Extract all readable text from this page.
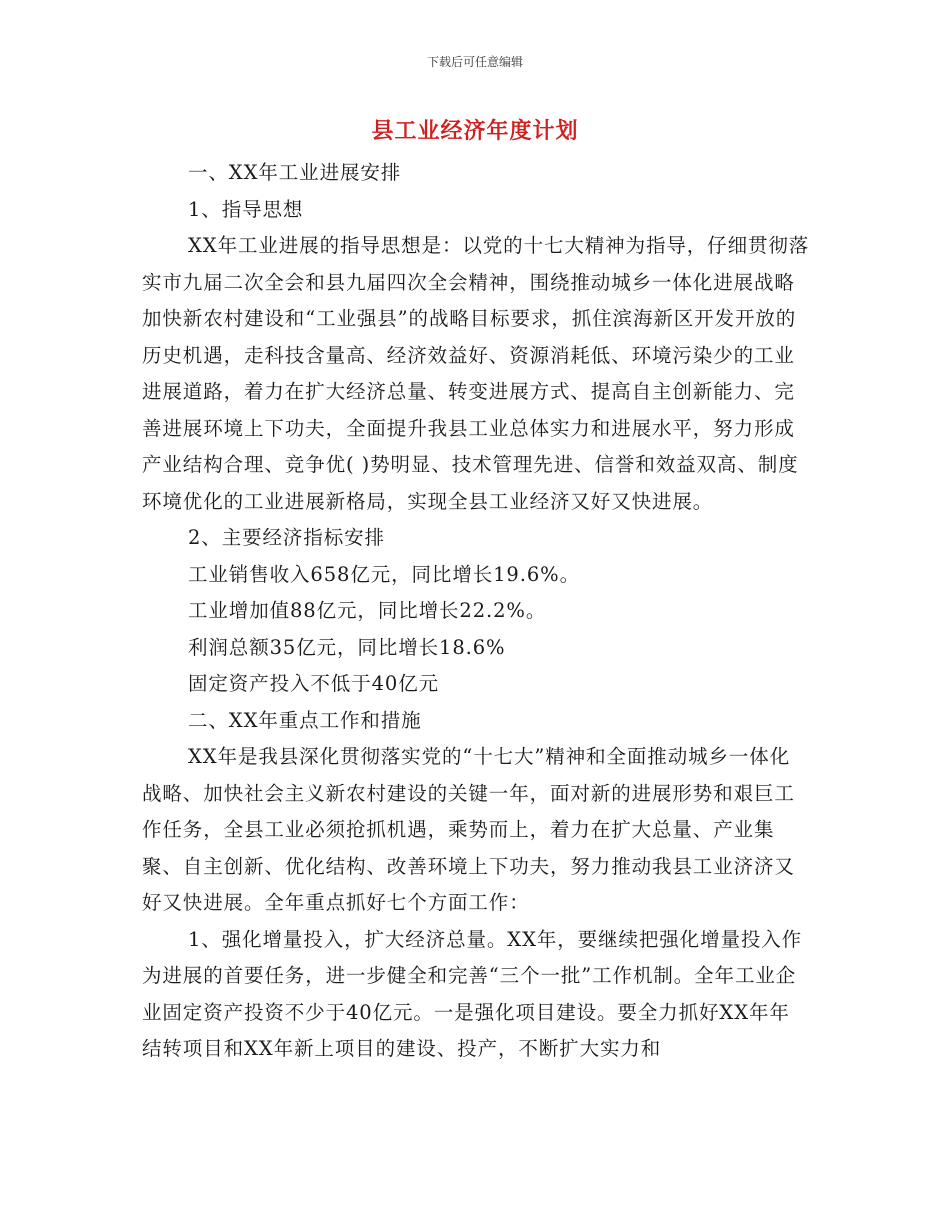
下载后可任意编辑
县工业经济年度计划

一、XX年工业进展安排

1、指导思想

XX年工业进展的指导思想是：以党的十七大精神为指导，仔细贯彻落实市九届二次全会和县九届四次全会精神，围绕推动城乡一体化进展战略加快新农村建设和“工业强县”的战略目标要求，抓住滨海新区开发开放的历史机遇，走科技含量高、经济效益好、资源消耗低、环境污染少的工业进展道路，着力在扩大经济总量、转变进展方式、提高自主创新能力、完善进展环境上下功夫，全面提升我县工业总体实力和进展水平，努力形成产业结构合理、竞争优( )势明显、技术管理先进、信誉和效益双高、制度环境优化的工业进展新格局，实现全县工业经济又好又快进展。

2、主要经济指标安排

工业销售收入658亿元，同比增长19.6%。

工业增加值88亿元，同比增长22.2%。

利润总额35亿元，同比增长18.6%

固定资产投入不低于40亿元

二、XX年重点工作和措施

XX年是我县深化贯彻落实党的“十七大”精神和全面推动城乡一体化战略、加快社会主义新农村建设的关键一年，面对新的进展形势和艰巨工作任务，全县工业必须抢抓机遇，乘势而上，着力在扩大总量、产业集聚、自主创新、优化结构、改善环境上下功夫，努力推动我县工业济济又好又快进展。全年重点抓好七个方面工作：

1、强化增量投入，扩大经济总量。XX年，要继续把强化增量投入作为进展的首要任务，进一步健全和完善“三个一批”工作机制。全年工业企业固定资产投资不少于40亿元。一是强化项目建设。要全力抓好XX年年结转项目和XX年新上项目的建设、投产，不断扩大实力和
